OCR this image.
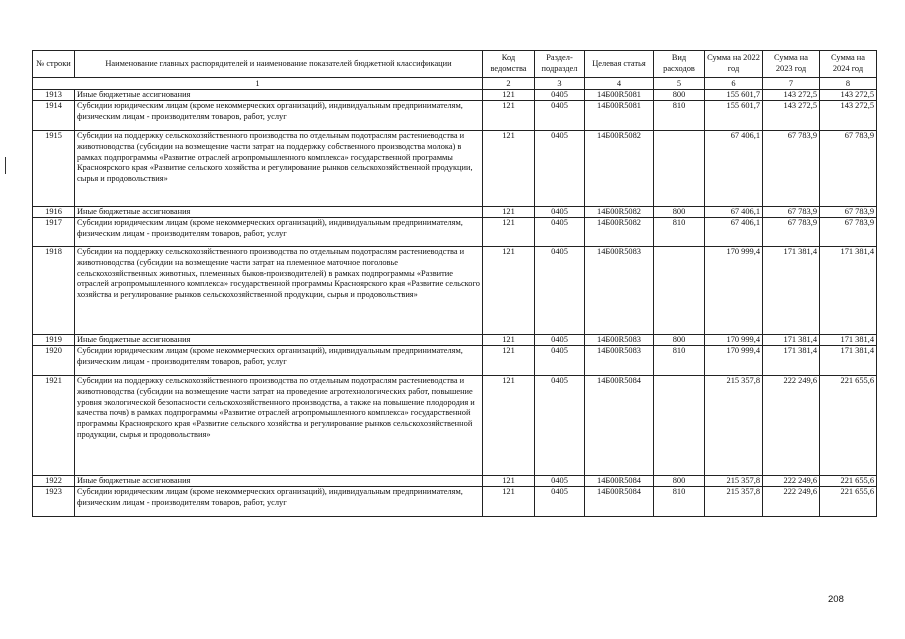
№ строки	Наименование главных распорядителей и наименование показателей бюджетной классификации	Код ведомства	Раздел-подраздел	Целевая статья	Вид расходов	Сумма на 2022 год	Сумма на 2023 год	Сумма на 2024 год
1		2	3	4	5	6	7	8
1913	Иные бюджетные ассигнования	121	0405	14Б00R5081	800	155 601,7	143 272,5	143 272,5
1914	Субсидии юридическим лицам (кроме некоммерческих организаций), индивидуальным предпринимателям, физическим лицам - производителям товаров, работ, услуг	121	0405	14Б00R5081	810	155 601,7	143 272,5	143 272,5
1915	Субсидии на поддержку сельскохозяйственного производства по отдельным подотраслям растениеводства и животноводства (субсидии на возмещение части затрат на поддержку собственного производства молока) в рамках подпрограммы «Развитие отраслей агропромышленного комплекса» государственной программы Красноярского края «Развитие сельского хозяйства и регулирование рынков сельскохозяйственной продукции, сырья и продовольствия»	121	0405	14Б00R5082		67 406,1	67 783,9	67 783,9
1916	Иные бюджетные ассигнования	121	0405	14Б00R5082	800	67 406,1	67 783,9	67 783,9
1917	Субсидии юридическим лицам (кроме некоммерческих организаций), индивидуальным предпринимателям, физическим лицам - производителям товаров, работ, услуг	121	0405	14Б00R5082	810	67 406,1	67 783,9	67 783,9
1918	Субсидии на поддержку сельскохозяйственного производства по отдельным подотраслям растениеводства и животноводства (субсидии на возмещение части затрат на племенное маточное поголовье сельскохозяйственных животных, племенных быков-производителей) в рамках подпрограммы «Развитие отраслей агропромышленного комплекса» государственной программы Красноярского края «Развитие сельского хозяйства и регулирование рынков сельскохозяйственной продукции, сырья и продовольствия»	121	0405	14Б00R5083		170 999,4	171 381,4	171 381,4
1919	Иные бюджетные ассигнования	121	0405	14Б00R5083	800	170 999,4	171 381,4	171 381,4
1920	Субсидии юридическим лицам (кроме некоммерческих организаций), индивидуальным предпринимателям, физическим лицам - производителям товаров, работ, услуг	121	0405	14Б00R5083	810	170 999,4	171 381,4	171 381,4
1921	Субсидии на поддержку сельскохозяйственного производства по отдельным подотраслям растениеводства и животноводства (субсидии на возмещение части затрат на проведение агротехнологических работ, повышение уровня экологической безопасности сельскохозяйственного производства, а также на повышение плодородия и качества почв) в рамках подпрограммы «Развитие отраслей агропромышленного комплекса» государственной программы Красноярского края «Развитие сельского хозяйства и регулирование рынков сельскохозяйственной продукции, сырья и продовольствия»	121	0405	14Б00R5084		215 357,8	222 249,6	221 655,6
1922	Иные бюджетные ассигнования	121	0405	14Б00R5084	800	215 357,8	222 249,6	221 655,6
1923	Субсидии юридическим лицам (кроме некоммерческих организаций), индивидуальным предпринимателям, физическим лицам - производителям товаров, работ, услуг	121	0405	14Б00R5084	810	215 357,8	222 249,6	221 655,6
208
